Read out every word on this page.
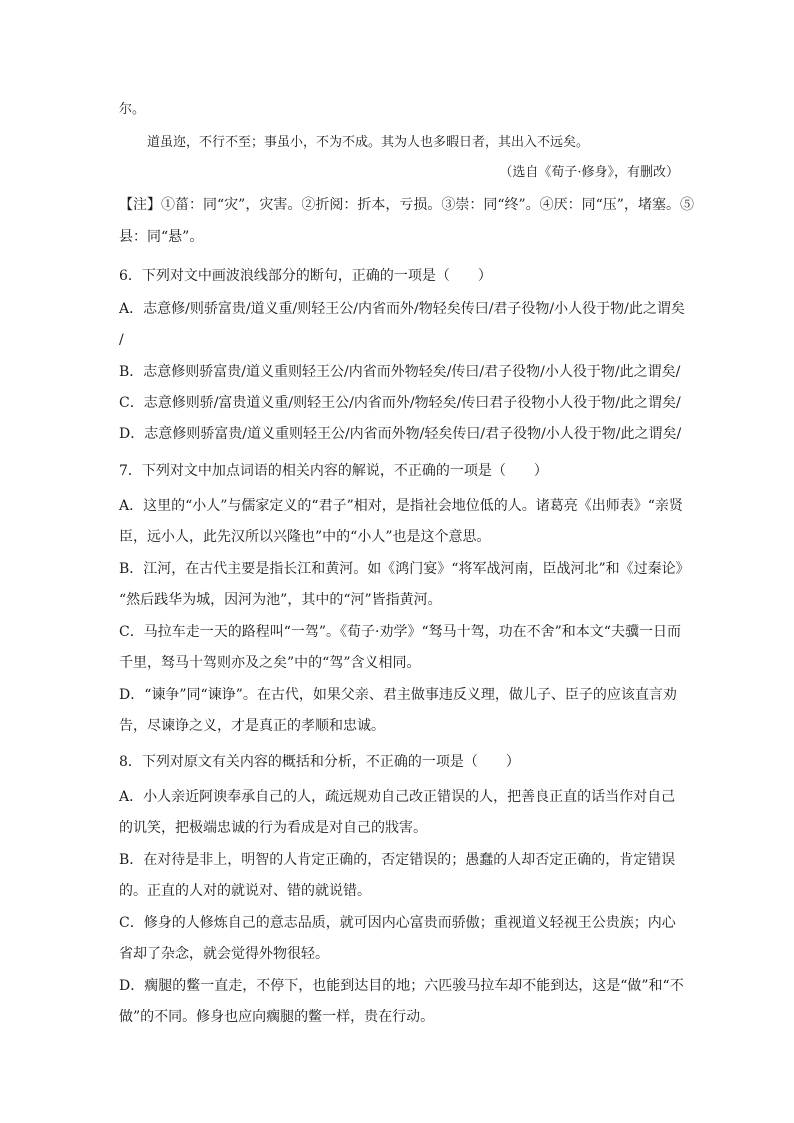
尔。
道虽迩，不行不至；事虽小，不为不成。其为人也多暇日者，其出入不远矣。
（选自《荀子·修身》，有删改）
【注】①菑：同“灾”，灾害。②折阅：折本，亏损。③崇：同“终”。④厌：同“压”，堵塞。⑤
县：同“悬”。
6．下列对文中画波浪线部分的断句，正确的一项是（　　）
A．志意修/则骄富贵/道义重/则轻王公/内省而外/物轻矣传曰/君子役物/小人役于物/此之谓矣
/
B．志意修则骄富贵/道义重则轻王公/内省而外物轻矣/传曰/君子役物/小人役于物/此之谓矣/
C．志意修则骄/富贵道义重/则轻王公/内省而外/物轻矣/传曰君子役物小人役于物/此之谓矣/
D．志意修则骄富贵/道义重则轻王公/内省而外物/轻矣传曰/君子役物/小人役于物/此之谓矣/
7．下列对文中加点词语的相关内容的解说，不正确的一项是（　　）
A．这里的“小人”与儒家定义的“君子”相对，是指社会地位低的人。诸葛亮《出师表》“亲贤
臣，远小人，此先汉所以兴隆也”中的“小人”也是这个意思。
B．江河，在古代主要是指长江和黄河。如《鸿门宴》“将军战河南，臣战河北”和《过秦论》
“然后践华为城，因河为池”，其中的“河”皆指黄河。
C．马拉车走一天的路程叫“一驾”。《荀子·劝学》“驽马十驾，功在不舍”和本文“夫骥一日而
千里，驽马十驾则亦及之矣”中的“驾”含义相同。
D．“谏争”同“谏诤”。在古代，如果父亲、君主做事违反义理，做儿子、臣子的应该直言劝
告，尽谏诤之义，才是真正的孝顺和忠诚。
8．下列对原文有关内容的概括和分析，不正确的一项是（　　）
A．小人亲近阿谀奉承自己的人，疏远规劝自己改正错误的人，把善良正直的话当作对自己
的讥笑，把极端忠诚的行为看成是对自己的戕害。
B．在对待是非上，明智的人肯定正确的，否定错误的；愚蠢的人却否定正确的，肯定错误
的。正直的人对的就说对、错的就说错。
C．修身的人修炼自己的意志品质，就可因内心富贵而骄傲；重视道义轻视王公贵族；内心
省却了杂念，就会觉得外物很轻。
D．瘸腿的鳖一直走，不停下，也能到达目的地；六匹骏马拉车却不能到达，这是“做”和“不
做”的不同。修身也应向瘸腿的鳖一样，贵在行动。
